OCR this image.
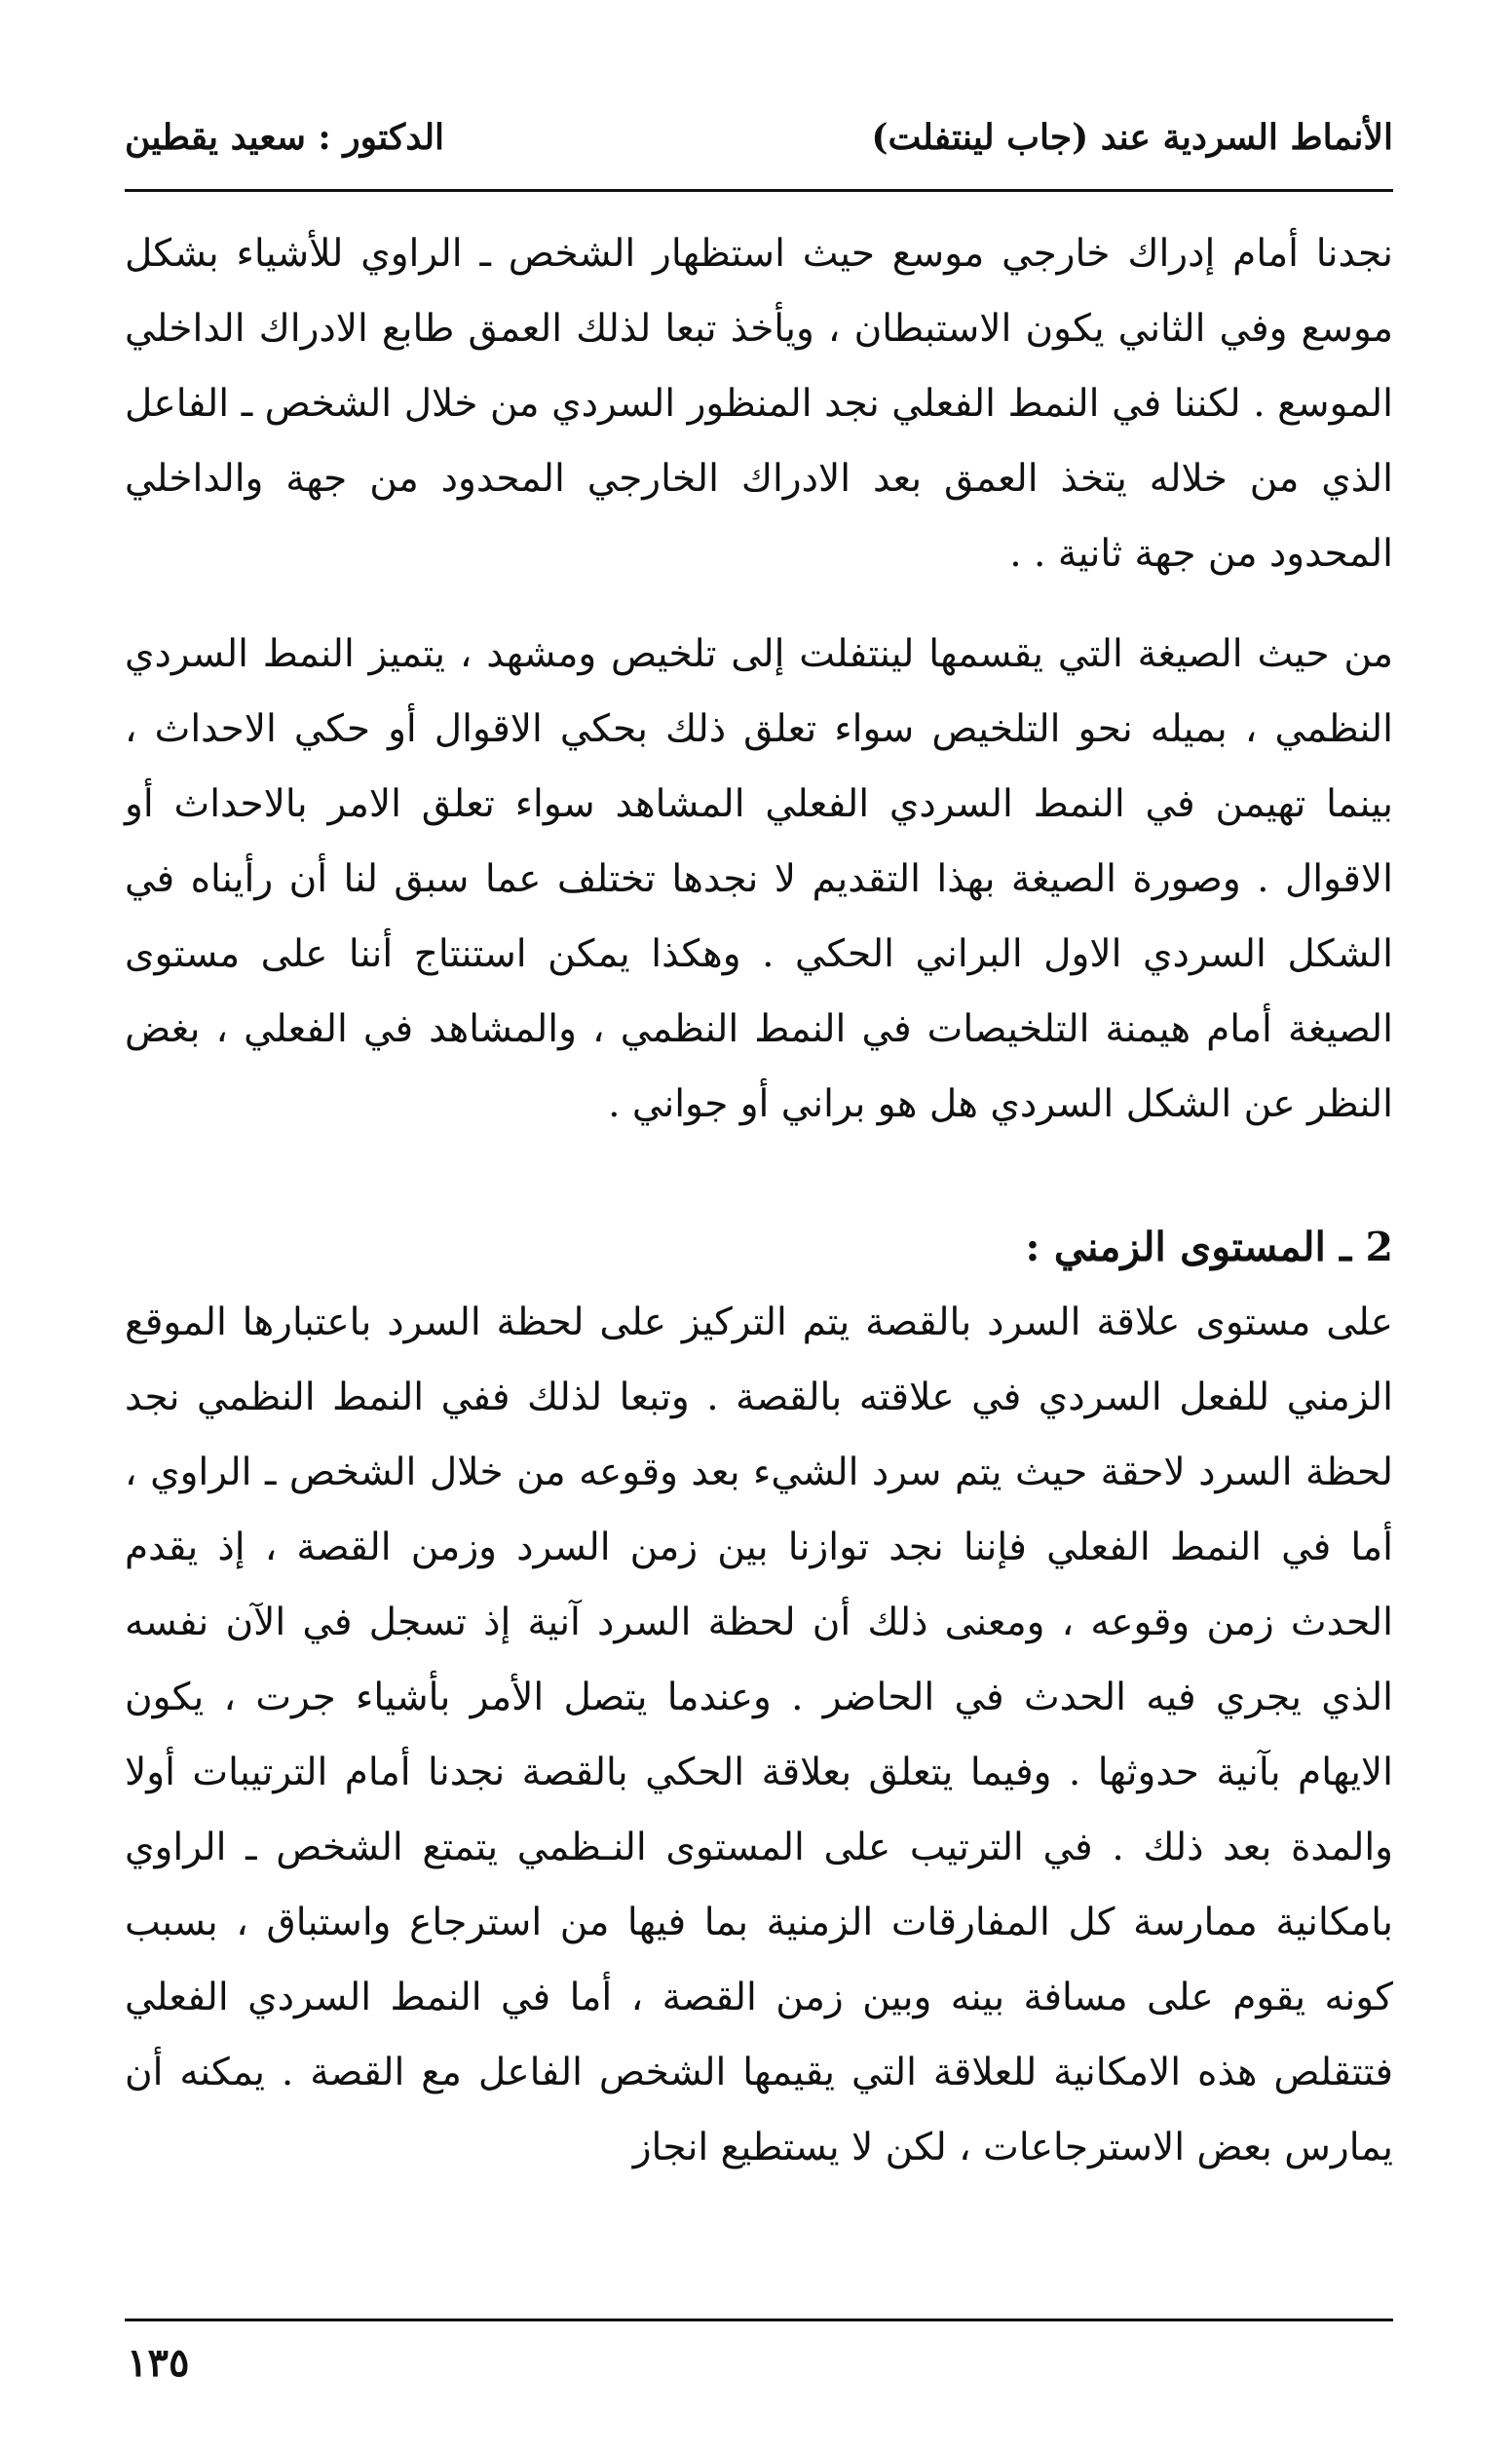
الأنماط السردية عند (جاب لينتفلت)
الدكتور : سعيد يقطين

نجدنا أمام إدراك خارجي موسع حيث استظهار الشخص ـ الراوي للأشياء بشكل موسع وفي الثاني يكون الاستبطان ، ويأخذ تبعا لذلك العمق طابع الادراك الداخلي الموسع . لكننا في النمط الفعلي نجد المنظور السردي من خلال الشخص ـ الفاعل الذي من خلاله يتخذ العمق بعد الادراك الخارجي المحدود من جهة والداخلي المحدود من جهة ثانية . .

من حيث الصيغة التي يقسمها لينتفلت إلى تلخيص ومشهد ، يتميز النمط السردي النظمي ، بميله نحو التلخيص سواء تعلق ذلك بحكي الاقوال أو حكي الاحداث ، بينما تهيمن في النمط السردي الفعلي المشاهد سواء تعلق الامر بالاحداث أو الاقوال . وصورة الصيغة بهذا التقديم لا نجدها تختلف عما سبق لنا أن رأيناه في الشكل السردي الاول البراني الحكي . وهكذا يمكن استنتاج أننا على مستوى الصيغة أمام هيمنة التلخيصات في النمط النظمي ، والمشاهد في الفعلي ، بغض النظر عن الشكل السردي هل هو براني أو جواني .

2 ـ المستوى الزمني :

على مستوى علاقة السرد بالقصة يتم التركيز على لحظة السرد باعتبارها الموقع الزمني للفعل السردي في علاقته بالقصة . وتبعا لذلك ففي النمط النظمي نجد لحظة السرد لاحقة حيث يتم سرد الشيء بعد وقوعه من خلال الشخص ـ الراوي ، أما في النمط الفعلي فإننا نجد توازنا بين زمن السرد وزمن القصة ، إذ يقدم الحدث زمن وقوعه ، ومعنى ذلك أن لحظة السرد آنية إذ تسجل في الآن نفسه الذي يجري فيه الحدث في الحاضر . وعندما يتصل الأمر بأشياء جرت ، يكون الايهام بآنية حدوثها . وفيما يتعلق بعلاقة الحكي بالقصة نجدنا أمام الترتيبات أولا والمدة بعد ذلك . في الترتيب على المستوى النـظمي يتمتع الشخص ـ الراوي بامكانية ممارسة كل المفارقات الزمنية بما فيها من استرجاع واستباق ، بسبب كونه يقوم على مسافة بينه وبين زمن القصة ، أما في النمط السردي الفعلي فتتقلص هذه الامكانية للعلاقة التي يقيمها الشخص الفاعل مع القصة . يمكنه أن يمارس بعض الاسترجاعات ، لكن لا يستطيع انجاز

١٣٥
